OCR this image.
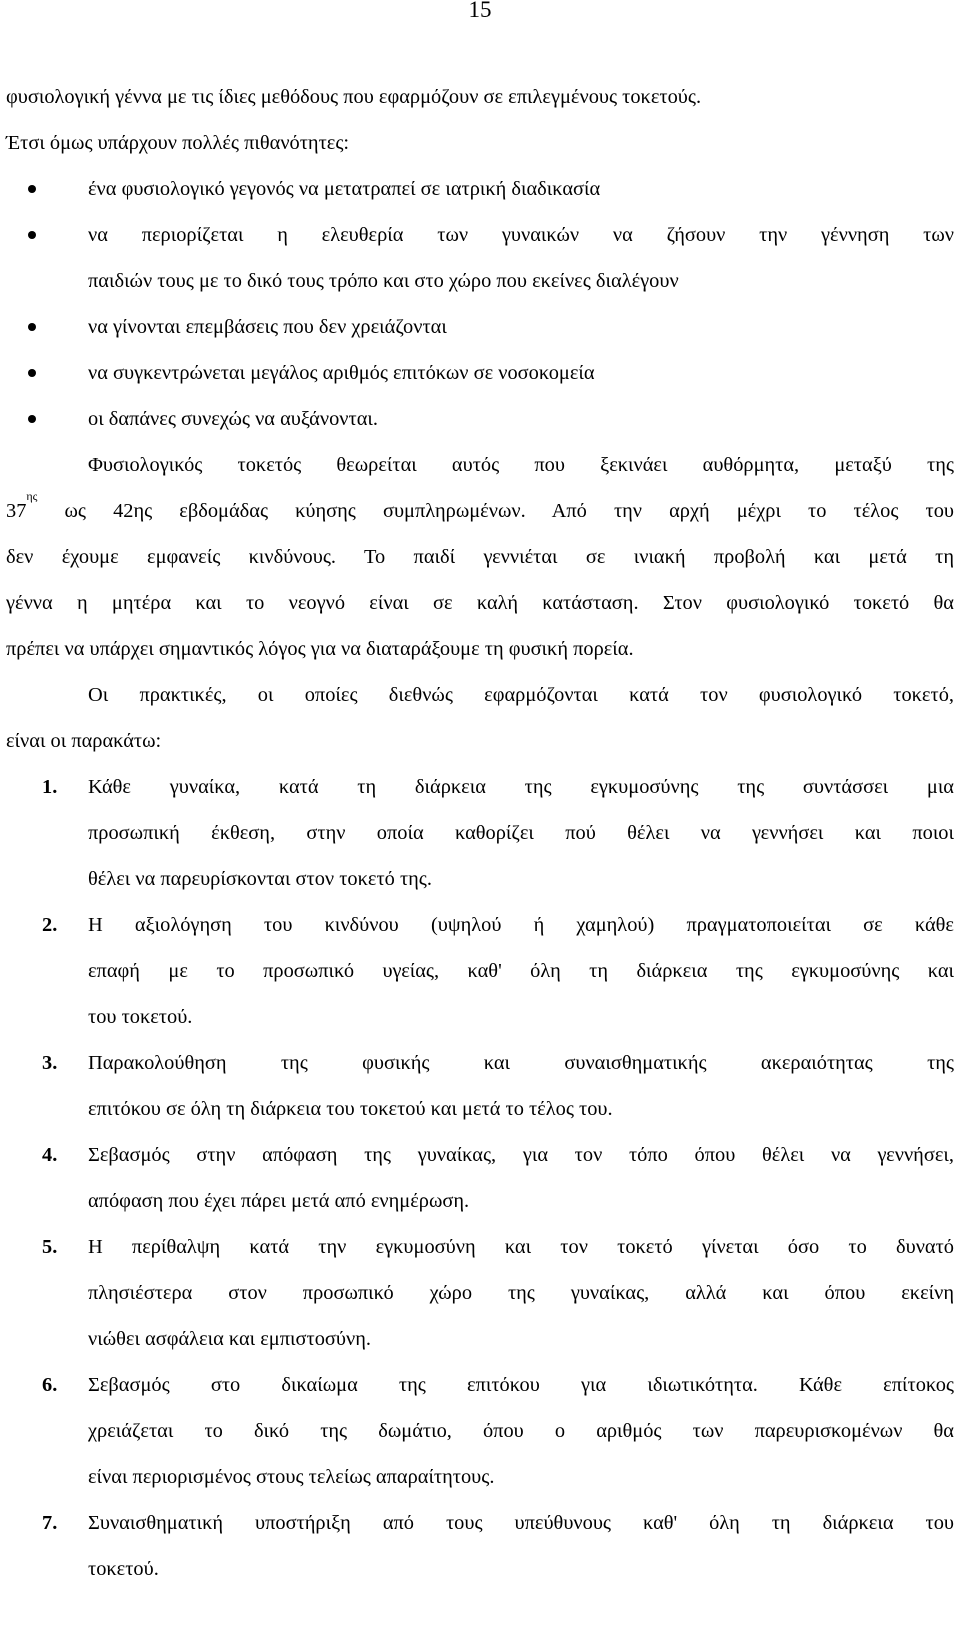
15
φυσιολογική γέννα με τις ίδιες μεθόδους που εφαρμόζουν σε επιλεγμένους τοκετούς.
Έτσι όμως υπάρχουν πολλές πιθανότητες:
ένα φυσιολογικό γεγονός να μετατραπεί σε ιατρική διαδικασία
να περιορίζεται η ελευθερία των γυναικών να ζήσουν την γέννηση των
παιδιών τους με το δικό τους τρόπο και στο χώρο που εκείνες διαλέγουν
να γίνονται επεμβάσεις που δεν χρειάζονται
να συγκεντρώνεται μεγάλος αριθμός επιτόκων σε νοσοκομεία
οι δαπάνες συνεχώς να αυξάνονται.
Φυσιολογικός τοκετός θεωρείται αυτός που ξεκινάει αυθόρμητα, μεταξύ της
$37^{\eta\varsigma}$ ως 42ης εβδομάδας κύησης συμπληρωμένων. Από την αρχή μέχρι το τέλος του
δεν έχουμε εμφανείς κινδύνους. Το παιδί γεννιέται σε ινιακή προβολή και μετά τη
γέννα η μητέρα και το νεογνό είναι σε καλή κατάσταση. Στον φυσιολογικό τοκετό θα
πρέπει να υπάρχει σημαντικός λόγος για να διαταράξουμε τη φυσική πορεία.
Οι πρακτικές, οι οποίες διεθνώς εφαρμόζονται κατά τον φυσιολογικό τοκετό,
είναι οι παρακάτω:
1. Κάθε γυναίκα, κατά τη διάρκεια της εγκυμοσύνης της συντάσσει μια
προσωπική έκθεση, στην οποία καθορίζει πού θέλει να γεννήσει και ποιοι
θέλει να παρευρίσκονται στον τοκετό της.
2. Η αξιολόγηση του κινδύνου (υψηλού ή χαμηλού) πραγματοποιείται σε κάθε
επαφή με το προσωπικό υγείας, καθ' όλη τη διάρκεια της εγκυμοσύνης και
του τοκετού.
3. Παρακολούθηση της φυσικής και συναισθηματικής ακεραιότητας της
επιτόκου σε όλη τη διάρκεια του τοκετού και μετά το τέλος του.
4. Σεβασμός στην απόφαση της γυναίκας, για τον τόπο όπου θέλει να γεννήσει,
απόφαση που έχει πάρει μετά από ενημέρωση.
5. Η περίθαλψη κατά την εγκυμοσύνη και τον τοκετό γίνεται όσο το δυνατό
πλησιέστερα στον προσωπικό χώρο της γυναίκας, αλλά και όπου εκείνη
νιώθει ασφάλεια και εμπιστοσύνη.
6. Σεβασμός στο δικαίωμα της επιτόκου για ιδιωτικότητα. Κάθε επίτοκος
χρειάζεται το δικό της δωμάτιο, όπου ο αριθμός των παρευρισκομένων θα
είναι περιορισμένος στους τελείως απαραίτητους.
7. Συναισθηματική υποστήριξη από τους υπεύθυνους καθ' όλη τη διάρκεια του
τοκετού.
